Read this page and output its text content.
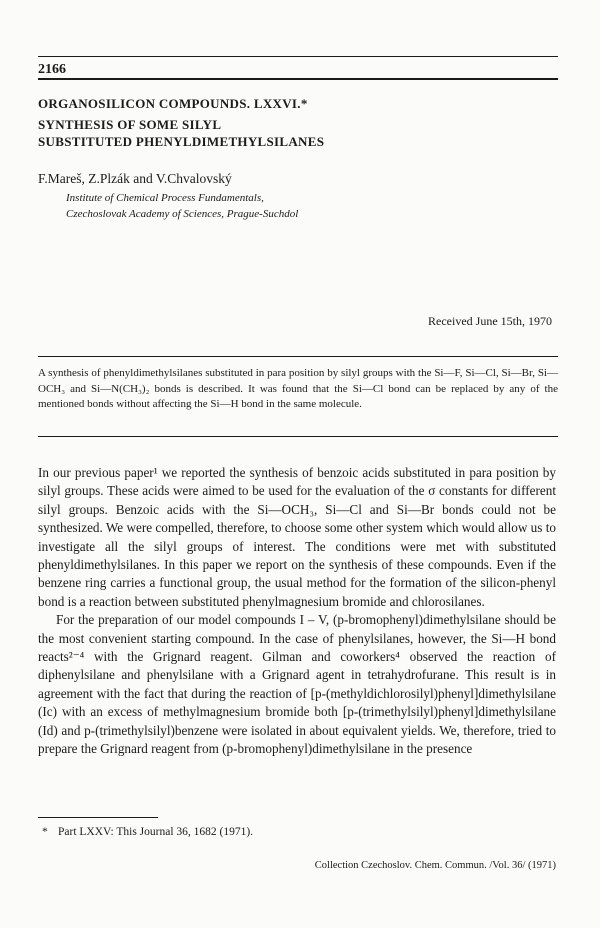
2166
ORGANOSILICON COMPOUNDS. LXXVI.*
SYNTHESIS OF SOME SILYL
SUBSTITUTED PHENYLDIMETHYLSILANES
F.Mareš, Z.Plzák and V.Chvalovský
Institute of Chemical Process Fundamentals,
Czechoslovak Academy of Sciences, Prague-Suchdol
Received June 15th, 1970
A synthesis of phenyldimethylsilanes substituted in para position by silyl groups with the Si—F, Si—Cl, Si—Br, Si—OCH₃ and Si—N(CH₃)₂ bonds is described. It was found that the Si—Cl bond can be replaced by any of the mentioned bonds without affecting the Si—H bond in the same molecule.

In our previous paper¹ we reported the synthesis of benzoic acids substituted in para position by silyl groups. These acids were aimed to be used for the evaluation of the σ constants for different silyl groups. Benzoic acids with the Si—OCH₃, Si—Cl and Si—Br bonds could not be synthesized. We were compelled, therefore, to choose some other system which would allow us to investigate all the silyl groups of interest. The conditions were met with substituted phenyldimethylsilanes. In this paper we report on the synthesis of these compounds. Even if the benzene ring carries a functional group, the usual method for the formation of the silicon-phenyl bond is a reaction between substituted phenylmagnesium bromide and chlorosilanes.

For the preparation of our model compounds I – V, (p-bromophenyl)dimethylsilane should be the most convenient starting compound. In the case of phenylsilanes, however, the Si—H bond reacts²⁻⁴ with the Grignard reagent. Gilman and coworkers⁴ observed the reaction of diphenylsilane and phenylsilane with a Grignard agent in tetrahydrofurane. This result is in agreement with the fact that during the reaction of [p-(methyldichlorosilyl)phenyl]dimethylsilane (Ic) with an excess of methylmagnesium bromide both [p-(trimethylsilyl)phenyl]dimethylsilane (Id) and p-(trimethylsilyl)benzene were isolated in about equivalent yields. We, therefore, tried to prepare the Grignard reagent from (p-bromophenyl)dimethylsilane in the presence

* Part LXXV: This Journal 36, 1682 (1971).
Collection Czechoslov. Chem. Commun. /Vol. 36/ (1971)
